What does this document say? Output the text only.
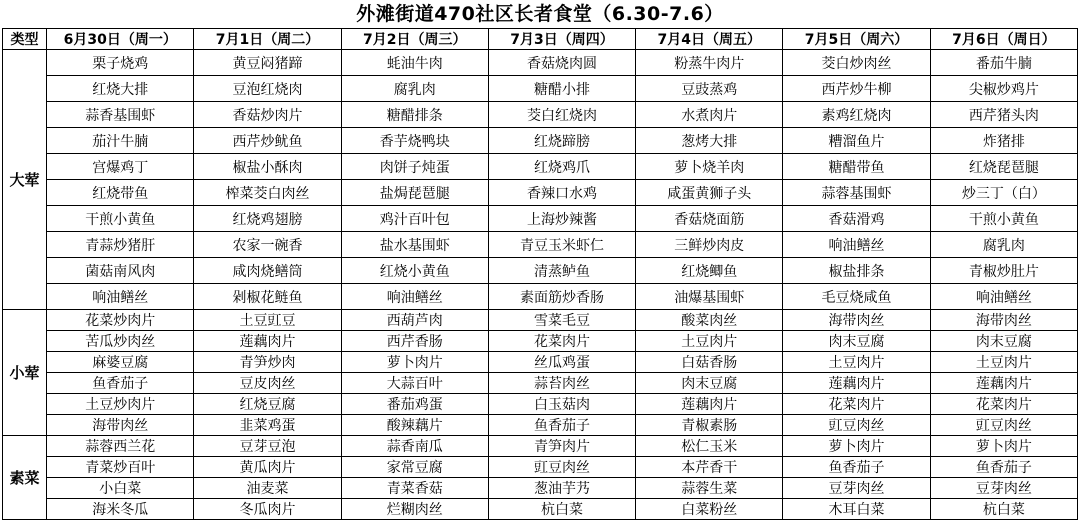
外滩街道470社区长者食堂（6.30-7.6）
类型	6月30日（周一）	7月1日（周二）	7月2日（周三）	7月3日（周四）	7月4日（周五）	7月5日（周六）	7月6日（周日）
大荤	栗子烧鸡	黄豆闷猪蹄	蚝油牛肉	香菇烧肉圆	粉蒸牛肉片	茭白炒肉丝	番茄牛腩
	红烧大排	豆泡红烧肉	腐乳肉	糖醋小排	豆豉蒸鸡	西芹炒牛柳	尖椒炒鸡片
	蒜香基围虾	香菇炒肉片	糖醋排条	茭白红烧肉	水煮肉片	素鸡红烧肉	西芹猪头肉
	茄汁牛腩	西芹炒鱿鱼	香芋烧鸭块	红烧蹄膀	葱烤大排	糟溜鱼片	炸猪排
	宫爆鸡丁	椒盐小酥肉	肉饼子炖蛋	红烧鸡爪	萝卜烧羊肉	糖醋带鱼	红烧琵琶腿
	红烧带鱼	榨菜茭白肉丝	盐焗琵琶腿	香辣口水鸡	咸蛋黄狮子头	蒜蓉基围虾	炒三丁（白）
	干煎小黄鱼	红烧鸡翅膀	鸡汁百叶包	上海炒辣酱	香菇烧面筋	香菇滑鸡	干煎小黄鱼
	青蒜炒猪肝	农家一碗香	盐水基围虾	青豆玉米虾仁	三鲜炒肉皮	响油鳝丝	腐乳肉
	菌菇南风肉	咸肉烧鳝筒	红烧小黄鱼	清蒸鲈鱼	红烧鲫鱼	椒盐排条	青椒炒肚片
	响油鳝丝	剁椒花鲢鱼	响油鳝丝	素面筋炒香肠	油爆基围虾	毛豆烧咸鱼	响油鳝丝
小荤	花菜炒肉片	土豆豇豆	西葫芦肉	雪菜毛豆	酸菜肉丝	海带肉丝	海带肉丝
	苦瓜炒肉丝	莲藕肉片	西芹香肠	花菜肉片	土豆肉片	肉末豆腐	肉末豆腐
	麻婆豆腐	青笋炒肉	萝卜肉片	丝瓜鸡蛋	白菇香肠	土豆肉片	土豆肉片
	鱼香茄子	豆皮肉丝	大蒜百叶	蒜苔肉丝	肉末豆腐	莲藕肉片	莲藕肉片
	土豆炒肉片	红烧豆腐	番茄鸡蛋	白玉菇肉	莲藕肉片	花菜肉片	花菜肉片
	海带肉丝	韭菜鸡蛋	酸辣藕片	鱼香茄子	青椒素肠	豇豆肉丝	豇豆肉丝
素菜	蒜蓉西兰花	豆芽豆泡	蒜香南瓜	青笋肉片	松仁玉米	萝卜肉片	萝卜肉片
	青菜炒百叶	黄瓜肉片	家常豆腐	豇豆肉丝	本芹香干	鱼香茄子	鱼香茄子
	小白菜	油麦菜	青菜香菇	葱油芋艿	蒜蓉生菜	豆芽肉丝	豆芽肉丝
	海米冬瓜	冬瓜肉片	烂糊肉丝	杭白菜	白菜粉丝	木耳白菜	杭白菜
